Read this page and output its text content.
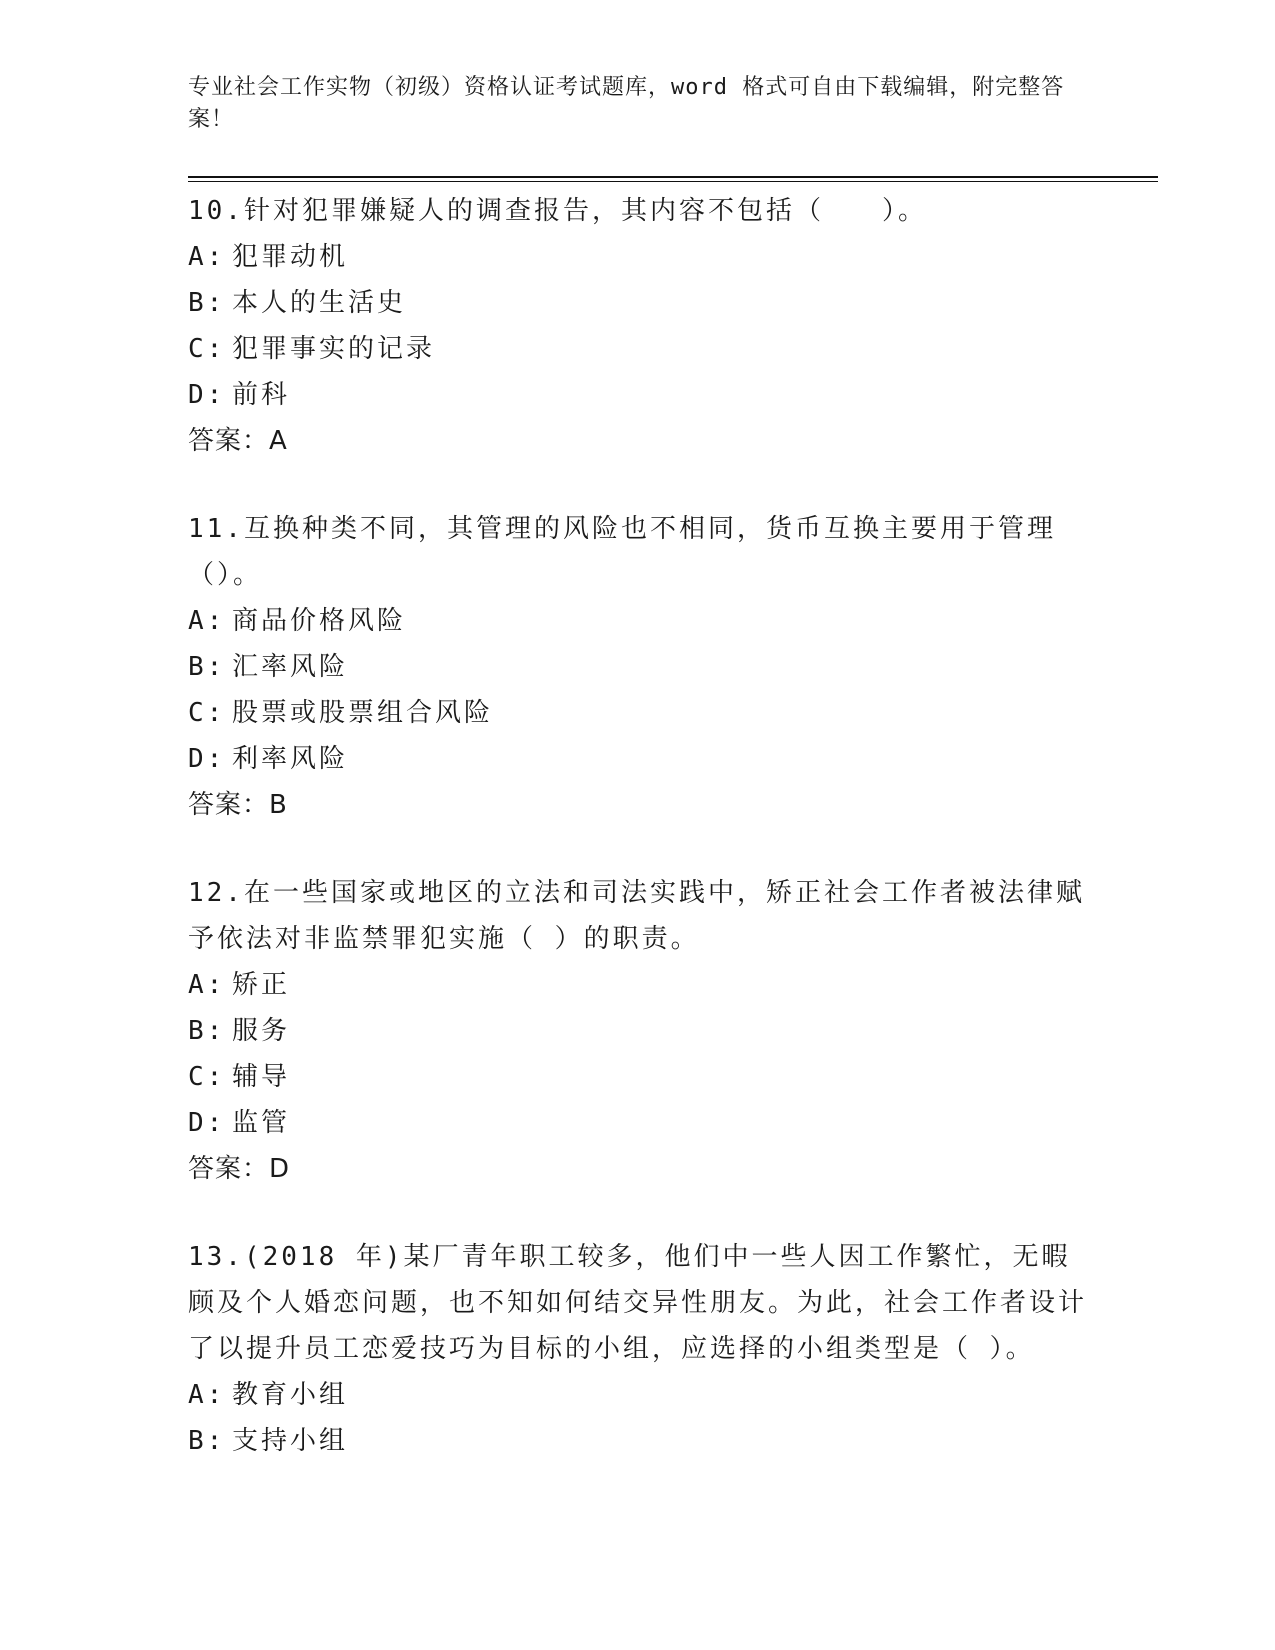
专业社会工作实物（初级）资格认证考试题库，word 格式可自由下载编辑，附完整答案！
10.针对犯罪嫌疑人的调查报告，其内容不包括（　　）。
A: 犯罪动机
B: 本人的生活史
C: 犯罪事实的记录
D: 前科
答案：A
11.互换种类不同，其管理的风险也不相同，货币互换主要用于管理（）。
A: 商品价格风险
B: 汇率风险
C: 股票或股票组合风险
D: 利率风险
答案：B
12.在一些国家或地区的立法和司法实践中，矫正社会工作者被法律赋予依法对非监禁罪犯实施（ ）的职责。
A: 矫正
B: 服务
C: 辅导
D: 监管
答案：D
13.(2018 年)某厂青年职工较多，他们中一些人因工作繁忙，无暇顾及个人婚恋问题，也不知如何结交异性朋友。为此，社会工作者设计了以提升员工恋爱技巧为目标的小组，应选择的小组类型是（ ）。
A: 教育小组
B: 支持小组
